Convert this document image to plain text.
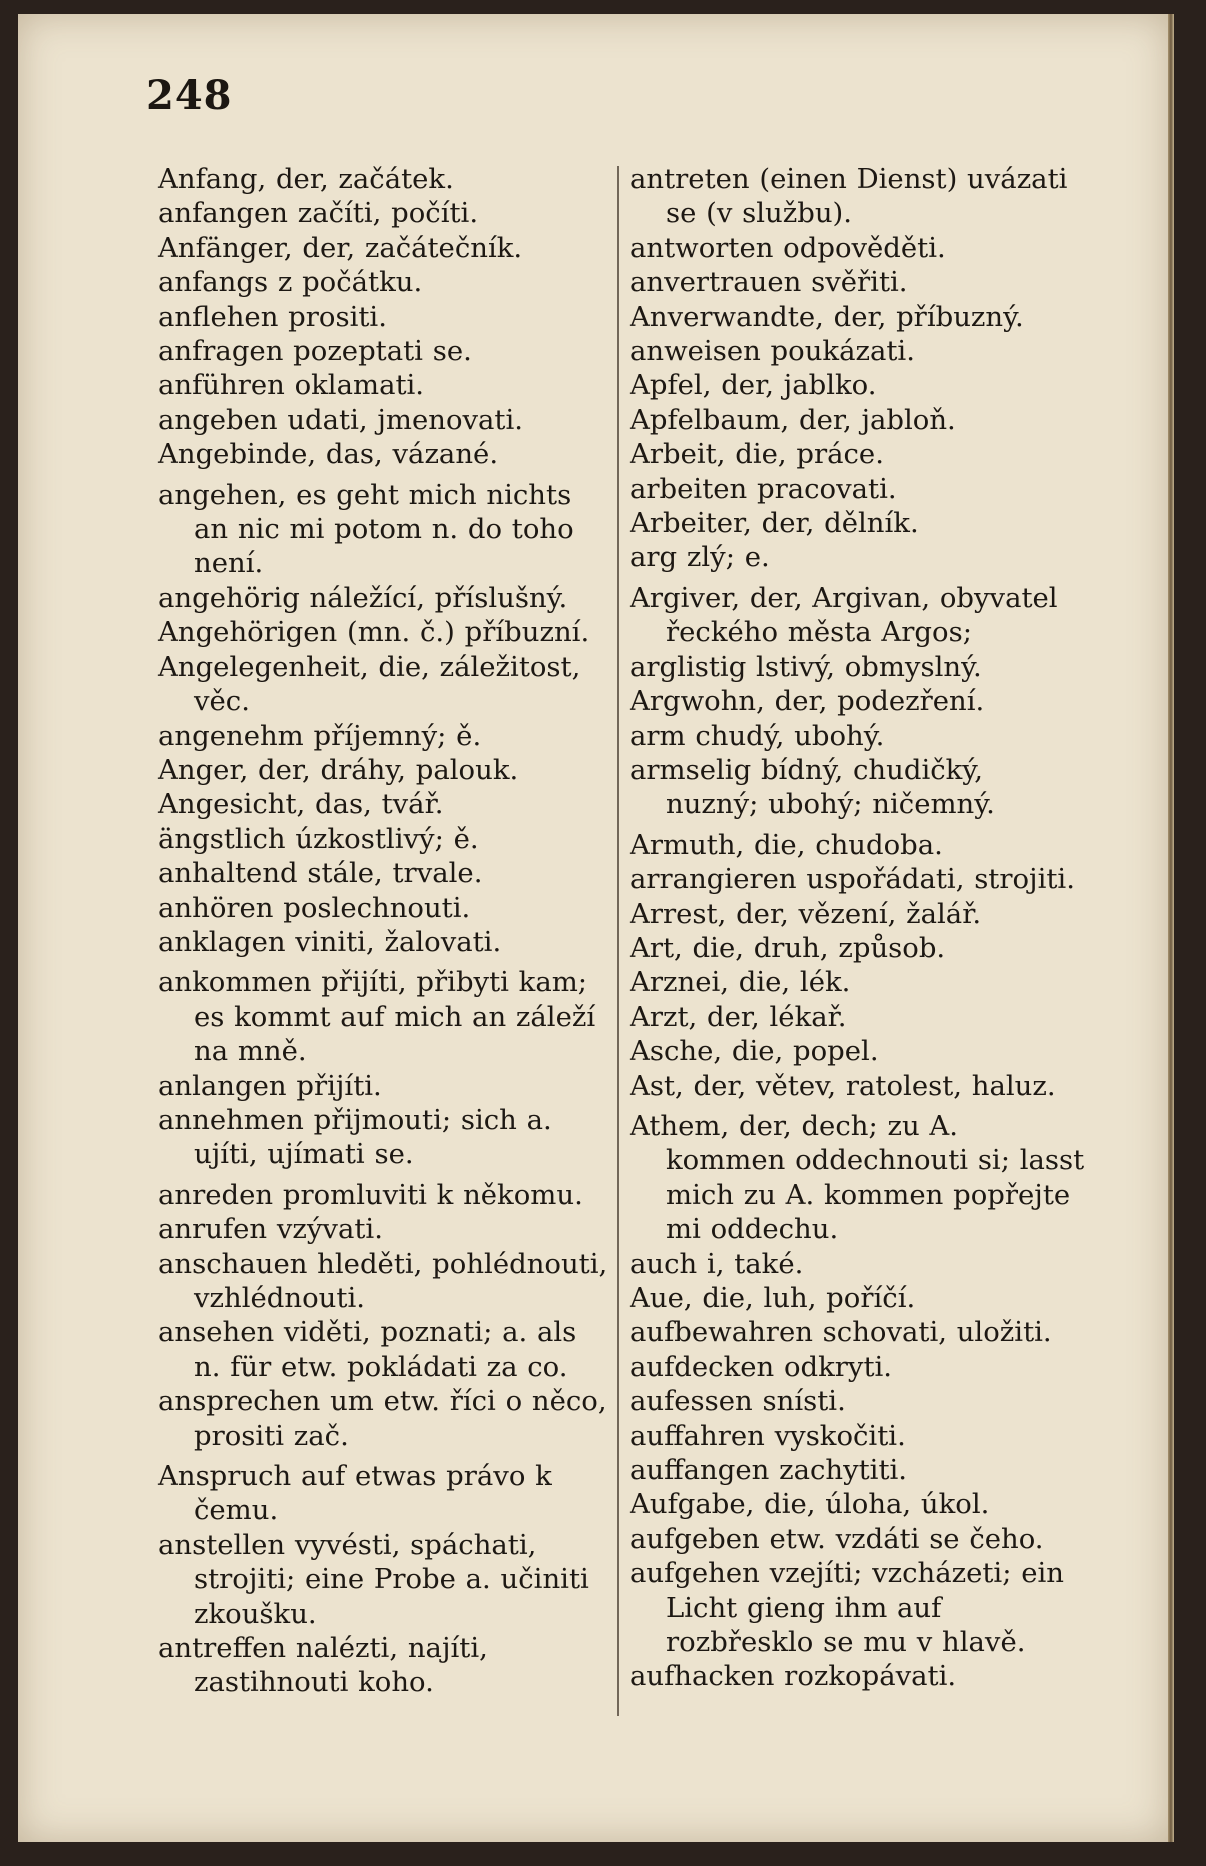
248

Anfang, der, začátek.

anfangen začíti, počíti.

Anfänger, der, začátečník.

anfangs z počátku.

anflehen prositi.

anfragen pozeptati se.

anführen oklamati.

angeben udati, jmenovati.

Angebinde, das, vázané.

angehen, es geht mich nichts an nic mi potom n. do toho není.

angehörig náležící, příslušný.

Angehörigen (mn. č.) příbuzní.

Angelegenheit, die, záležitost, věc.

angenehm příjemný; ě.

Anger, der, dráhy, palouk.

Angesicht, das, tvář.

ängstlich úzkostlivý; ě.

anhaltend stále, trvale.

anhören poslechnouti.

anklagen viniti, žalovati.

ankommen přijíti, přibyti kam; es kommt auf mich an záleží na mně.

anlangen přijíti.

annehmen přijmouti; sich a. ujíti, ujímati se.

anreden promluviti k někomu.

anrufen vzývati.

anschauen hleděti, pohlédnouti, vzhlédnouti.

ansehen viděti, poznati; a. als n. für etw. pokládati za co.

ansprechen um etw. říci o něco, prositi zač.

Anspruch auf etwas právo k čemu.

anstellen vyvésti, spáchati, strojiti; eine Probe a. učiniti zkoušku.

antreffen nalézti, najíti, zastihnouti koho.

antreten (einen Dienst) uvázati se (v službu).

antworten odpověděti.

anvertrauen svěřiti.

Anverwandte, der, příbuzný.

anweisen poukázati.

Apfel, der, jablko.

Apfelbaum, der, jabloň.

Arbeit, die, práce.

arbeiten pracovati.

Arbeiter, der, dělník.

arg zlý; e.

Argiver, der, Argivan, obyvatel řeckého města Argos;

arglistig lstivý, obmyslný.

Argwohn, der, podezření.

arm chudý, ubohý.

armselig bídný, chudičký, nuzný; ubohý; ničemný.

Armuth, die, chudoba.

arrangieren uspořádati, strojiti.

Arrest, der, vězení, žalář.

Art, die, druh, způsob.

Arznei, die, lék.

Arzt, der, lékař.

Asche, die, popel.

Ast, der, větev, ratolest, haluz.

Athem, der, dech; zu A. kommen oddechnouti si; lasst mich zu A. kommen popřejte mi oddechu.

auch i, také.

Aue, die, luh, poříčí.

aufbewahren schovati, uložiti.

aufdecken odkryti.

aufessen snísti.

auffahren vyskočiti.

auffangen zachytiti.

Aufgabe, die, úloha, úkol.

aufgeben etw. vzdáti se čeho.

aufgehen vzejíti; vzcházeti; ein Licht gieng ihm auf rozbřesklo se mu v hlavě.

aufhacken rozkopávati.
